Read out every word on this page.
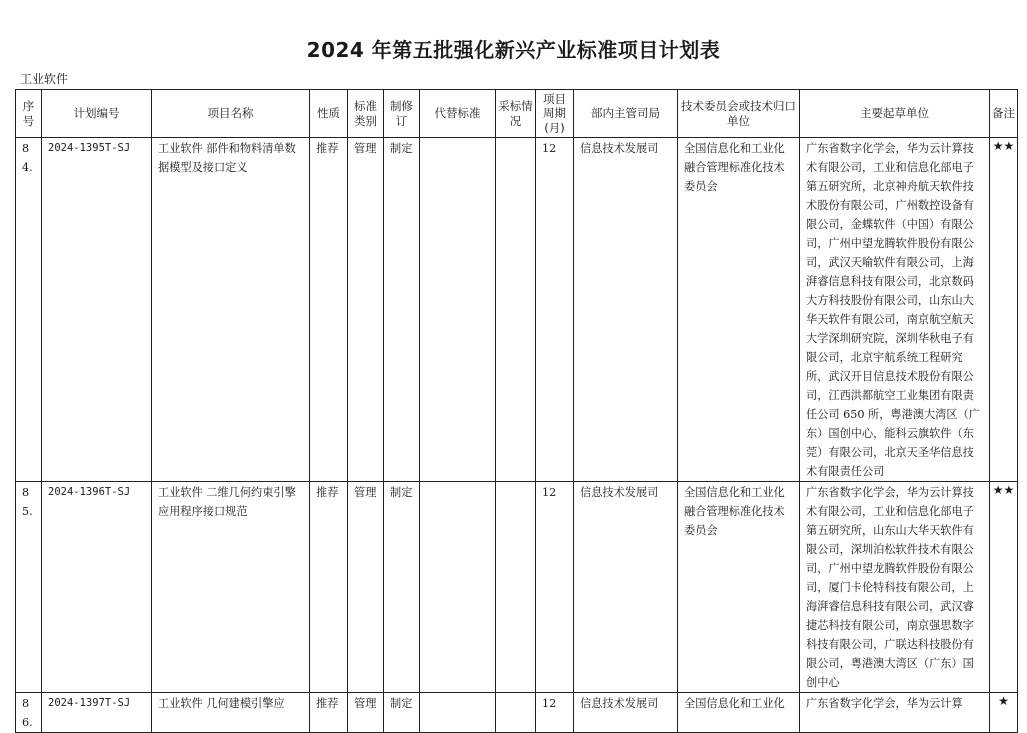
2024 年第五批强化新兴产业标准项目计划表
工业软件
序号	计划编号	项目名称	性质	标准类别	制修订	代替标准	采标情况	项目周期(月)	部内主管司局	技术委员会或技术归口单位	主要起草单位	备注
84.	2024-1395T-SJ	工业软件 部件和物料清单数据模型及接口定义	推荐	管理	制定			12	信息技术发展司	全国信息化和工业化融合管理标准化技术委员会	广东省数字化学会，华为云计算技术有限公司，工业和信息化部电子第五研究所，北京神舟航天软件技术股份有限公司，广州数控设备有限公司，金蝶软件（中国）有限公司，广州中望龙腾软件股份有限公司，武汉天喻软件有限公司，上海湃睿信息科技有限公司，北京数码大方科技股份有限公司，山东山大华天软件有限公司，南京航空航天大学深圳研究院，深圳华秋电子有限公司，北京宇航系统工程研究所，武汉开目信息技术股份有限公司，江西洪都航空工业集团有限责任公司 650 所，粤港澳大湾区（广东）国创中心，能科云旗软件（东莞）有限公司，北京天圣华信息技术有限责任公司	★★
85.	2024-1396T-SJ	工业软件 二维几何约束引擎应用程序接口规范	推荐	管理	制定			12	信息技术发展司	全国信息化和工业化融合管理标准化技术委员会	广东省数字化学会，华为云计算技术有限公司，工业和信息化部电子第五研究所，山东山大华天软件有限公司，深圳泊松软件技术有限公司，广州中望龙腾软件股份有限公司，厦门卡伦特科技有限公司，上海湃睿信息科技有限公司，武汉睿捷芯科技有限公司，南京强思数字科技有限公司，广联达科技股份有限公司，粤港澳大湾区（广东）国创中心	★★
86.	2024-1397T-SJ	工业软件 几何建模引擎应	推荐	管理	制定			12	信息技术发展司	全国信息化和工业化	广东省数字化学会，华为云计算	★
